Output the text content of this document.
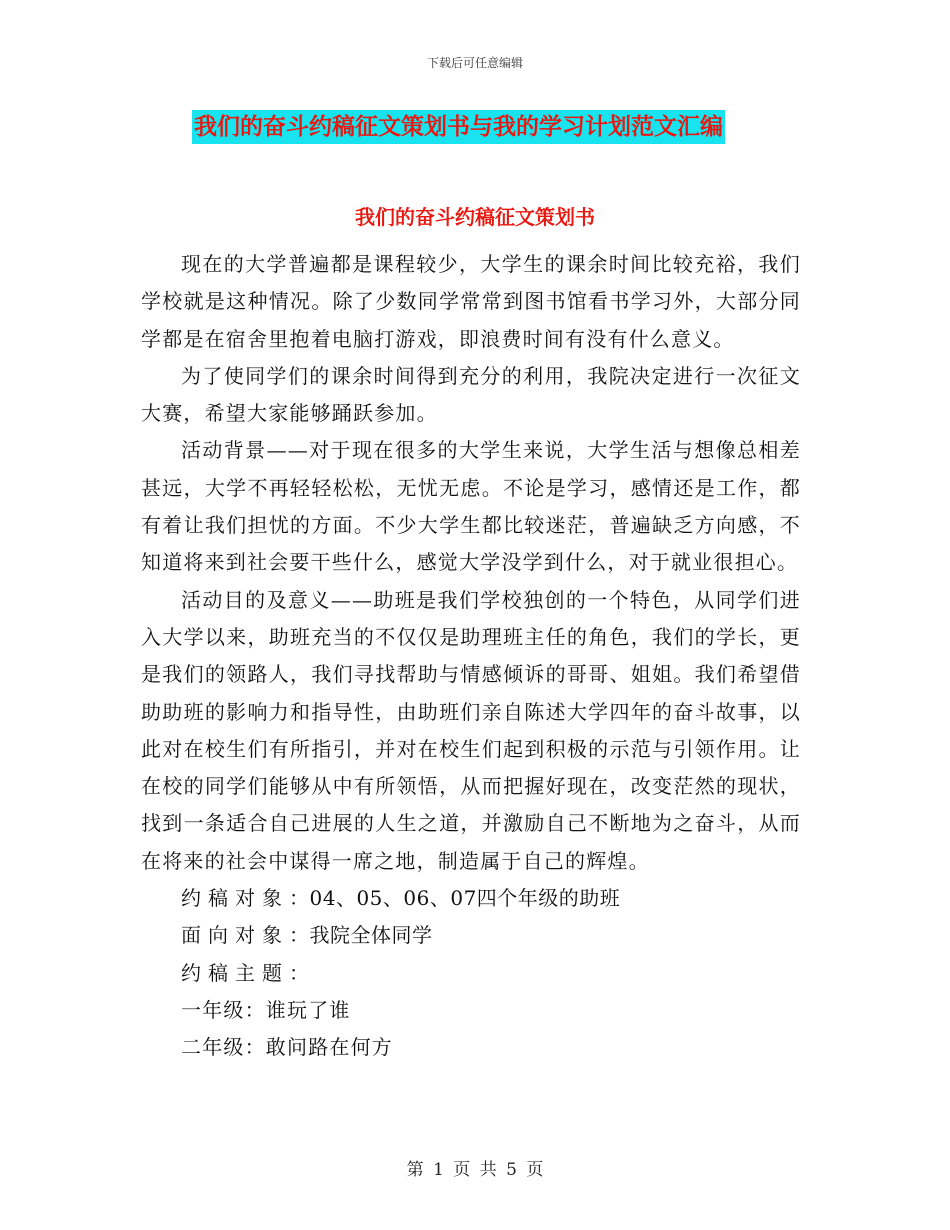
下载后可任意编辑
我们的奋斗约稿征文策划书与我的学习计划范文汇编
我们的奋斗约稿征文策划书

现在的大学普遍都是课程较少，大学生的课余时间比较充裕，我们学校就是这种情况。除了少数同学常常到图书馆看书学习外，大部分同学都是在宿舍里抱着电脑打游戏，即浪费时间有没有什么意义。

为了使同学们的课余时间得到充分的利用，我院决定进行一次征文大赛，希望大家能够踊跃参加。

活动背景——对于现在很多的大学生来说，大学生活与想像总相差甚远，大学不再轻轻松松，无忧无虑。不论是学习，感情还是工作，都有着让我们担忧的方面。不少大学生都比较迷茫，普遍缺乏方向感，不知道将来到社会要干些什么，感觉大学没学到什么，对于就业很担心。

活动目的及意义——助班是我们学校独创的一个特色，从同学们进入大学以来，助班充当的不仅仅是助理班主任的角色，我们的学长，更是我们的领路人，我们寻找帮助与情感倾诉的哥哥、姐姐。我们希望借助助班的影响力和指导性，由助班们亲自陈述大学四年的奋斗故事，以此对在校生们有所指引，并对在校生们起到积极的示范与引领作用。让在校的同学们能够从中有所领悟，从而把握好现在，改变茫然的现状，找到一条适合自己进展的人生之道，并激励自己不断地为之奋斗，从而在将来的社会中谋得一席之地，制造属于自己的辉煌。

约稿对象：04、05、06、07四个年级的助班

面向对象：我院全体同学

约稿主题：

一年级：谁玩了谁

二年级：敢问路在何方

第 1 页 共 5 页
